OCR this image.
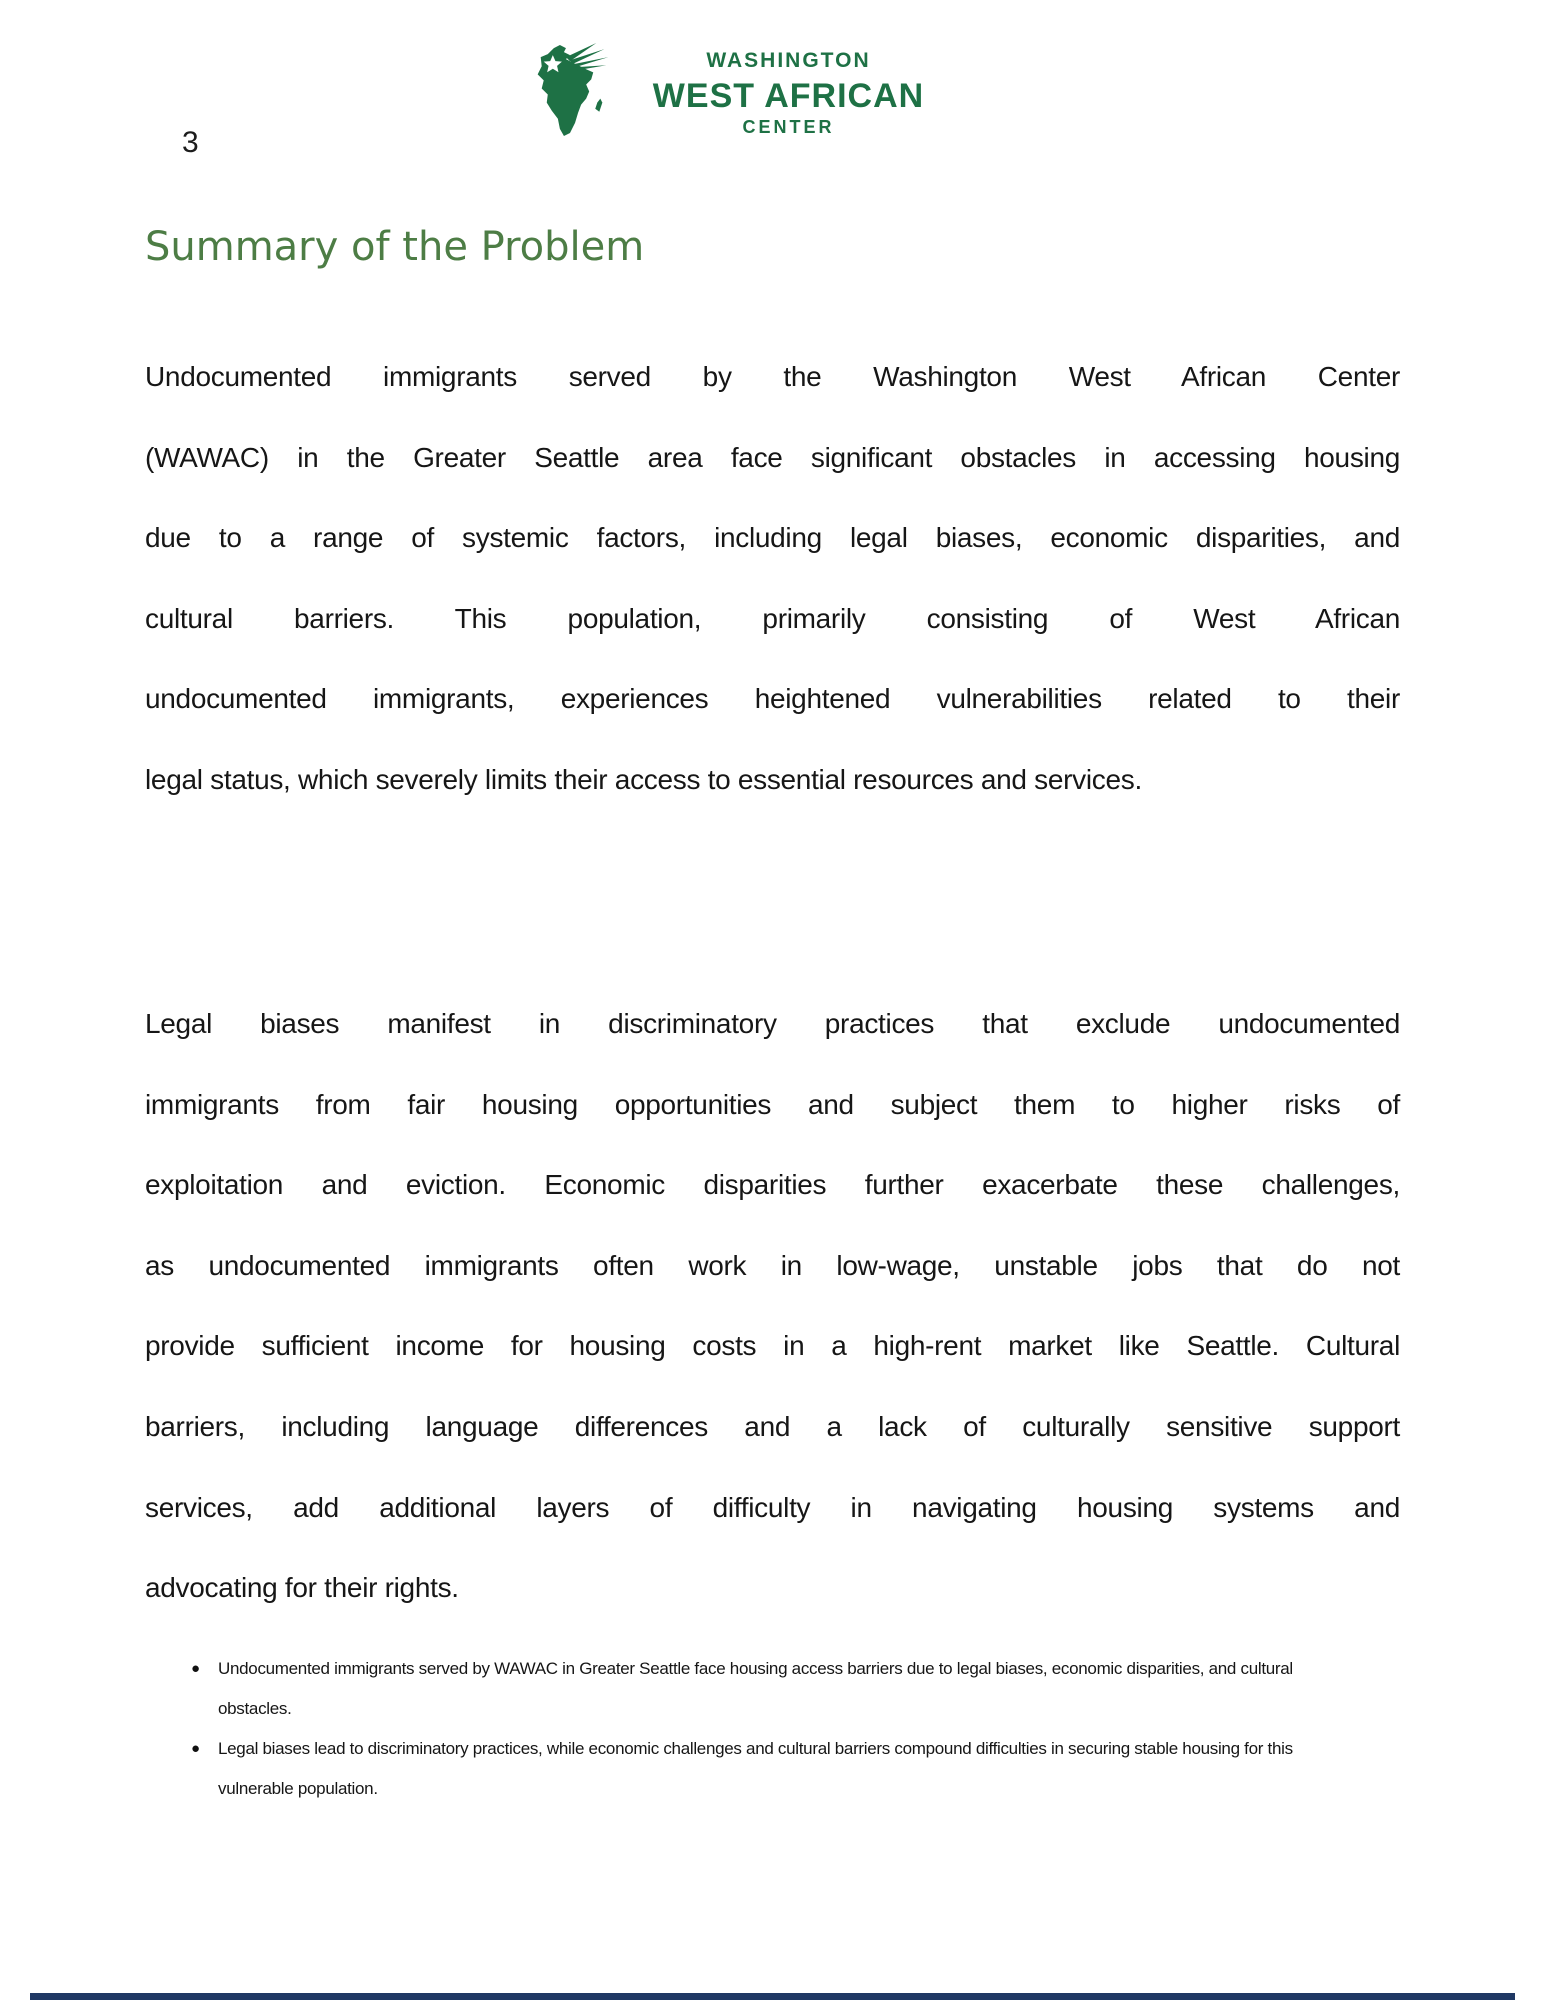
3
WASHINGTON
WEST AFRICAN
CENTER
Summary of the Problem
Undocumented immigrants served by the Washington West African Center
(WAWAC) in the Greater Seattle area face significant obstacles in accessing housing
due to a range of systemic factors, including legal biases, economic disparities, and
cultural barriers. This population, primarily consisting of West African
undocumented immigrants, experiences heightened vulnerabilities related to their
legal status, which severely limits their access to essential resources and services.
Legal biases manifest in discriminatory practices that exclude undocumented
immigrants from fair housing opportunities and subject them to higher risks of
exploitation and eviction. Economic disparities further exacerbate these challenges,
as undocumented immigrants often work in low-wage, unstable jobs that do not
provide sufficient income for housing costs in a high-rent market like Seattle. Cultural
barriers, including language differences and a lack of culturally sensitive support
services, add additional layers of difficulty in navigating housing systems and
advocating for their rights.
● Undocumented immigrants served by WAWAC in Greater Seattle face housing access barriers due to legal biases, economic disparities, and cultural
obstacles.
● Legal biases lead to discriminatory practices, while economic challenges and cultural barriers compound difficulties in securing stable housing for this
vulnerable population.
